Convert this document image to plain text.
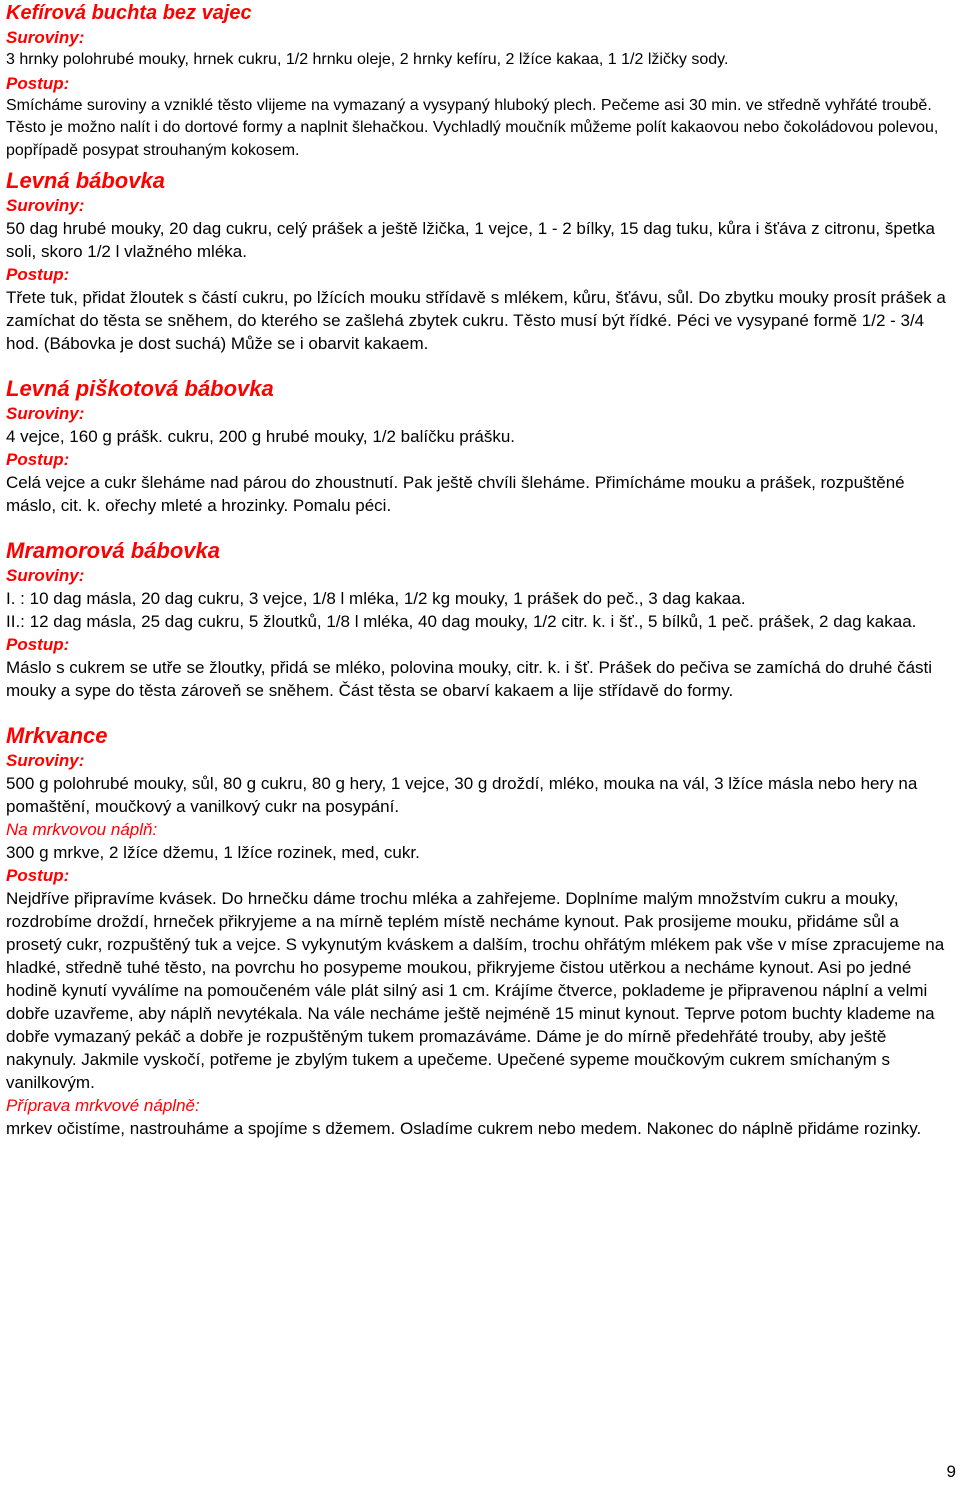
Kefírová buchta bez vajec

Suroviny:

3 hrnky polohrubé mouky, hrnek cukru, 1/2 hrnku oleje, 2 hrnky kefíru, 2 lžíce kakaa, 1 1/2 lžičky sody.

Postup:

Smícháme suroviny a vzniklé těsto vlijeme na vymazaný a vysypaný hluboký plech. Pečeme asi 30 min. ve středně vyhřáté troubě. Těsto je možno nalít i do dortové formy a naplnit šlehačkou. Vychladlý moučník můžeme polít kakaovou nebo čokoládovou polevou, popřípadě posypat strouhaným kokosem.

Levná bábovka

Suroviny:

50 dag hrubé mouky, 20 dag cukru, celý prášek a ještě lžička, 1 vejce, 1 - 2 bílky, 15 dag tuku, kůra i šťáva z citronu, špetka soli, skoro 1/2 l vlažného mléka.

Postup:

Třete tuk, přidat žloutek s částí cukru, po lžících mouku střídavě s mlékem, kůru, šťávu, sůl. Do zbytku mouky prosít prášek a zamíchat do těsta se sněhem, do kterého se zašlehá zbytek cukru. Těsto musí být řídké. Péci ve vysypané formě 1/2 - 3/4 hod. (Bábovka je dost suchá) Může se i obarvit kakaem.

Levná piškotová bábovka

Suroviny:

4 vejce, 160 g prášk. cukru, 200 g hrubé mouky, 1/2 balíčku prášku.

Postup:

Celá vejce a cukr šleháme nad párou do zhoustnutí. Pak ještě chvíli šleháme. Přimícháme mouku a prášek, rozpuštěné máslo, cit. k. ořechy mleté a hrozinky. Pomalu péci.

Mramorová bábovka

Suroviny:

I. : 10 dag másla, 20 dag cukru, 3 vejce, 1/8 l mléka, 1/2 kg mouky, 1 prášek do peč., 3 dag kakaa.

II.: 12 dag másla, 25 dag cukru, 5 žloutků, 1/8 l mléka, 40 dag mouky, 1/2 citr. k. i šť., 5 bílků, 1 peč. prášek, 2 dag kakaa.

Postup:

Máslo s cukrem se utře se žloutky, přidá se mléko, polovina mouky, citr. k. i šť. Prášek do pečiva se zamíchá do druhé části mouky a sype do těsta zároveň se sněhem. Část těsta se obarví kakaem a lije střídavě do formy.

Mrkvance

Suroviny:

500 g polohrubé mouky, sůl, 80 g cukru, 80 g hery, 1 vejce, 30 g droždí, mléko, mouka na vál, 3 lžíce másla nebo hery na pomaštění, moučkový a vanilkový cukr na posypání.

Na mrkvovou náplň:

300 g mrkve, 2 lžíce džemu, 1 lžíce rozinek, med, cukr.

Postup:

Nejdříve připravíme kvásek. Do hrnečku dáme trochu mléka a zahřejeme. Doplníme malým množstvím cukru a mouky, rozdrobíme droždí, hrneček přikryjeme a na mírně teplém místě necháme kynout. Pak prosijeme mouku, přidáme sůl a prosetý cukr, rozpuštěný tuk a vejce. S vykynutým kváskem a dalším, trochu ohřátým mlékem pak vše v míse zpracujeme na hladké, středně tuhé těsto, na povrchu ho posypeme moukou, přikryjeme čistou utěrkou a necháme kynout. Asi po jedné hodině kynutí vyválíme na pomoučeném vále plát silný asi 1 cm. Krájíme čtverce, poklademe je připravenou náplní a velmi dobře uzavřeme, aby náplň nevytékala. Na vále necháme ještě nejméně 15 minut kynout. Teprve potom buchty klademe na dobře vymazaný pekáč a dobře je rozpuštěným tukem promazáváme. Dáme je do mírně předehřáté trouby, aby ještě nakynuly. Jakmile vyskočí, potřeme je zbylým tukem a upečeme. Upečené sypeme moučkovým cukrem smíchaným s vanilkovým.

Příprava mrkvové náplně:

mrkev očistíme, nastrouháme a spojíme s džemem. Osladíme cukrem nebo medem. Nakonec do náplně přidáme rozinky.

9
